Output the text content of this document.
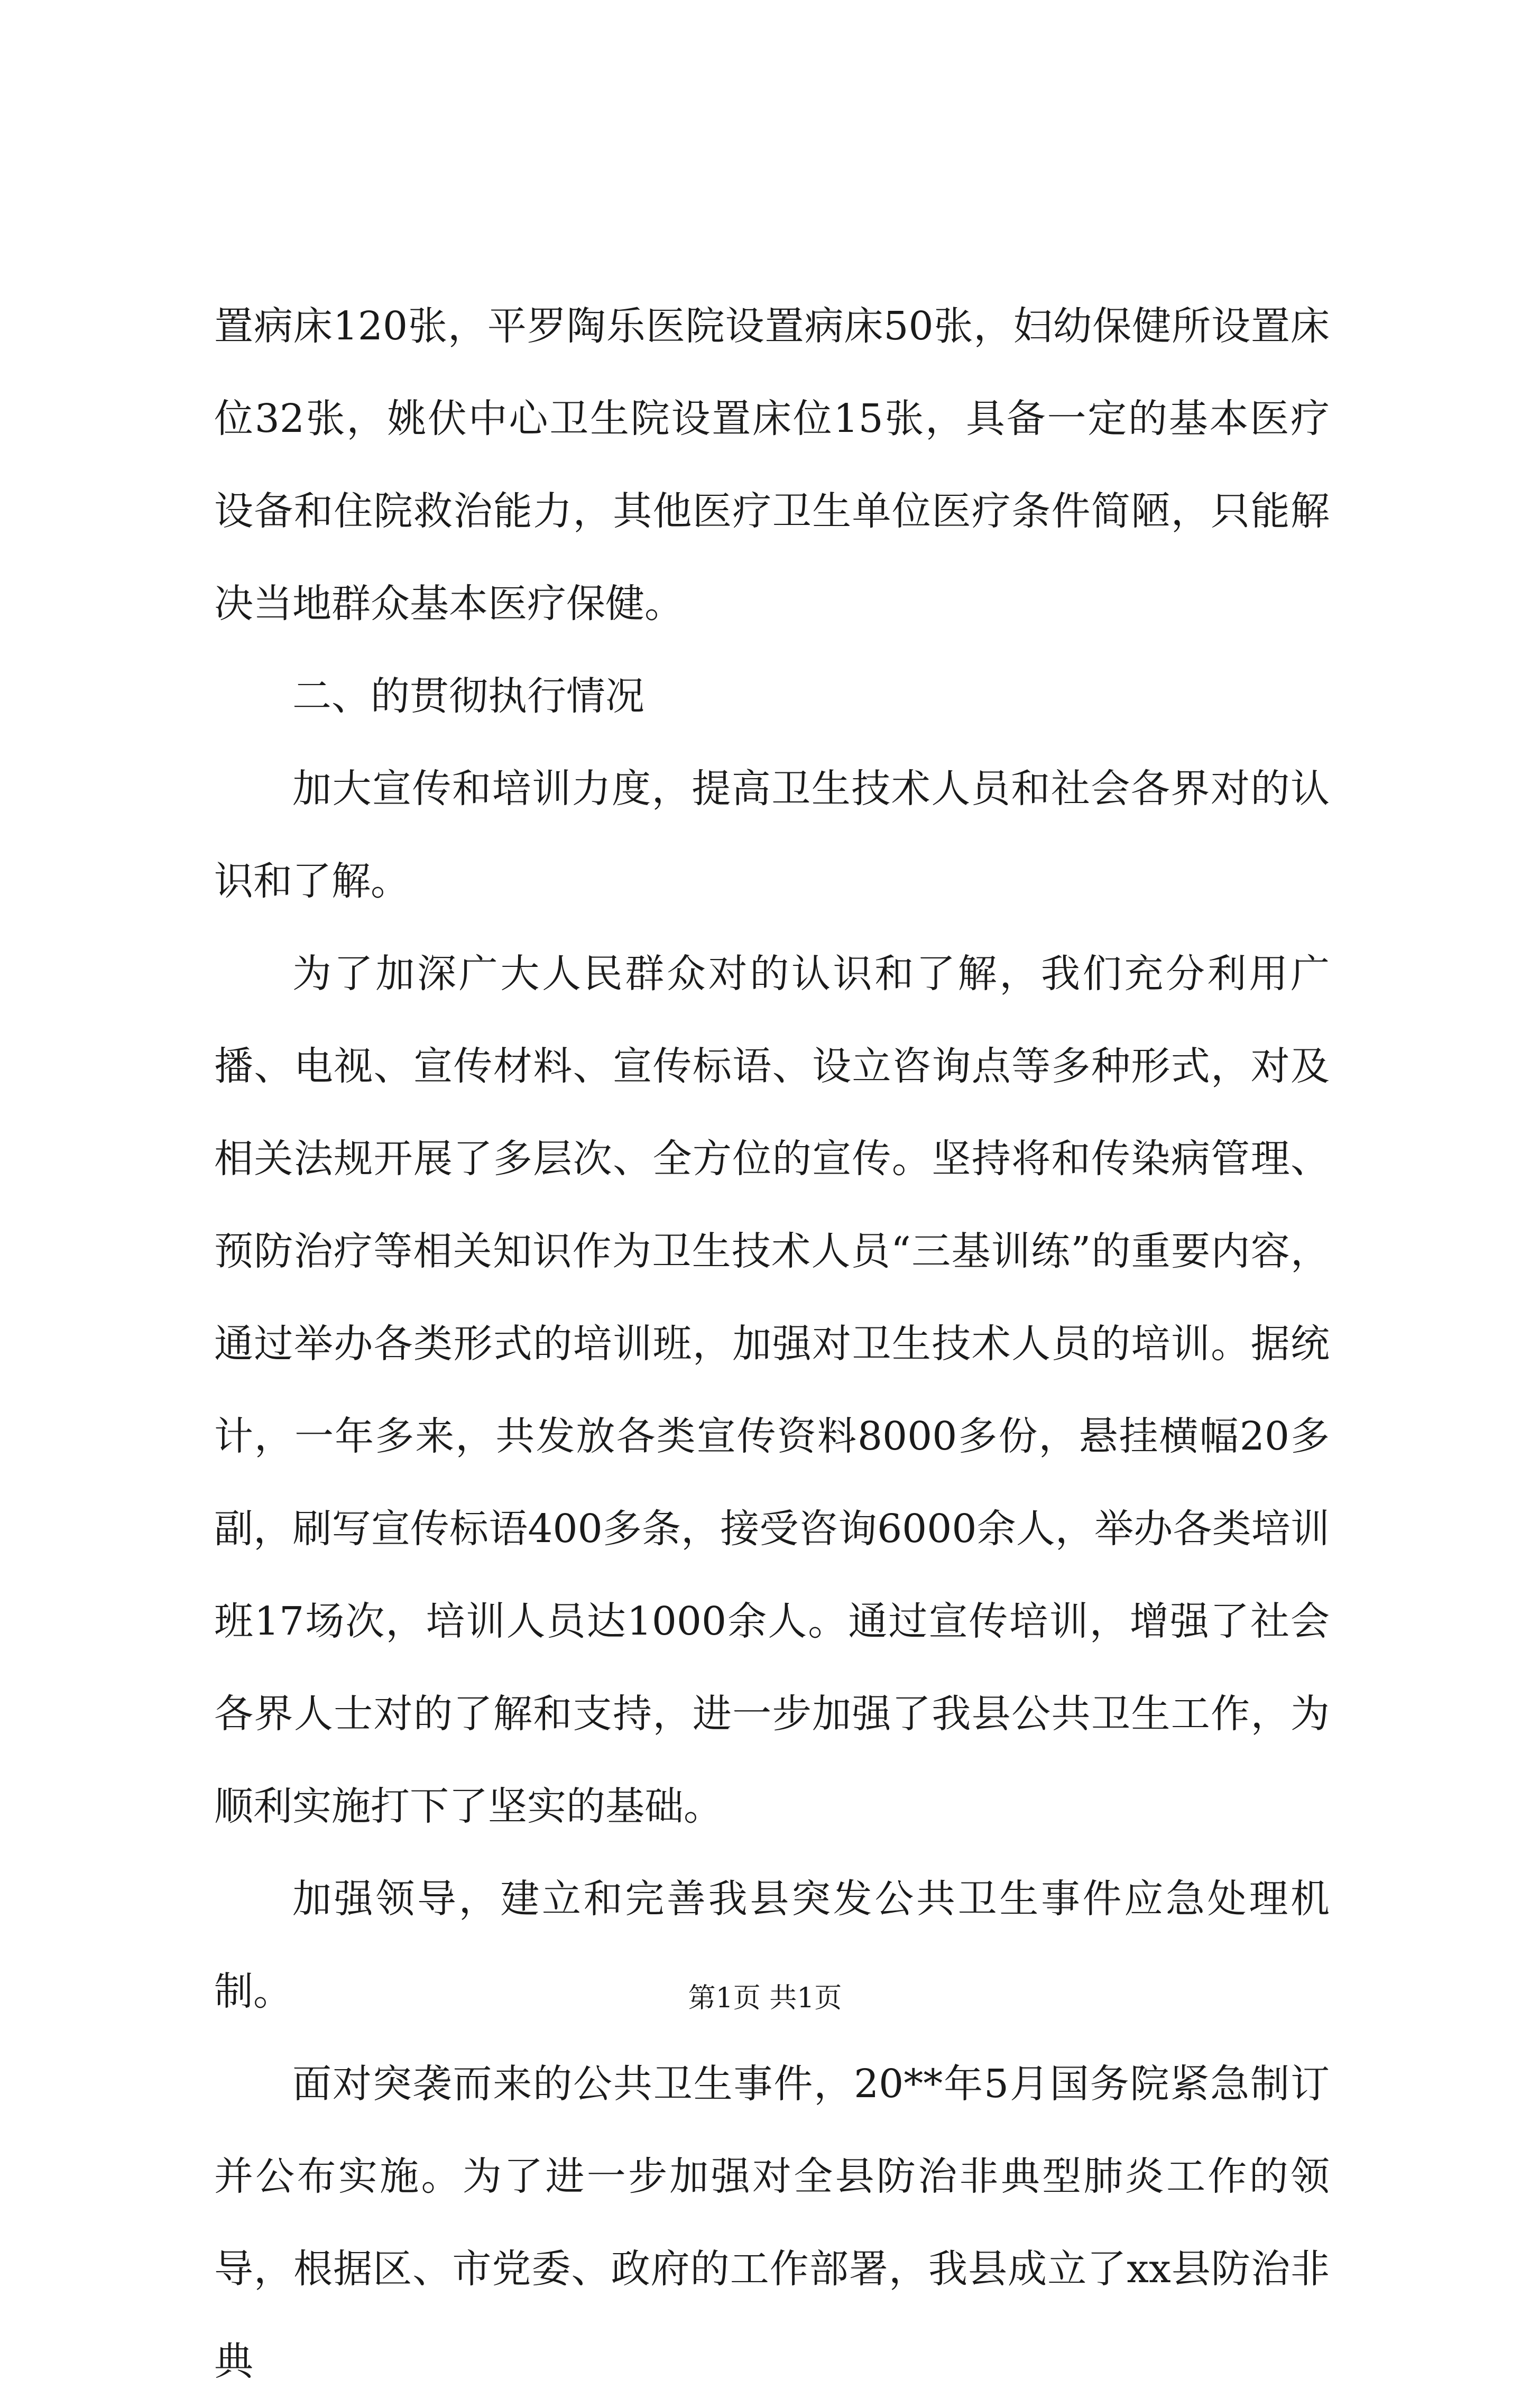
置病床120张，平罗陶乐医院设置病床50张，妇幼保健所设置床位32张，姚伏中心卫生院设置床位15张，具备一定的基本医疗设备和住院救治能力，其他医疗卫生单位医疗条件简陋，只能解决当地群众基本医疗保健。

二、的贯彻执行情况

加大宣传和培训力度，提高卫生技术人员和社会各界对的认识和了解。

为了加深广大人民群众对的认识和了解，我们充分利用广播、电视、宣传材料、宣传标语、设立咨询点等多种形式，对及相关法规开展了多层次、全方位的宣传。坚持将和传染病管理、预防治疗等相关知识作为卫生技术人员“三基训练”的重要内容，通过举办各类形式的培训班，加强对卫生技术人员的培训。据统计，一年多来，共发放各类宣传资料8000多份，悬挂横幅20多副，刷写宣传标语400多条，接受咨询6000余人，举办各类培训班17场次，培训人员达1000余人。通过宣传培训，增强了社会各界人士对的了解和支持，进一步加强了我县公共卫生工作，为顺利实施打下了坚实的基础。

加强领导，建立和完善我县突发公共卫生事件应急处理机制。

面对突袭而来的公共卫生事件，20**年5月国务院紧急制订并公布实施。为了进一步加强对全县防治非典型肺炎工作的领导，根据区、市党委、政府的工作部署，我县成立了xx县防治非典

第1页 共1页
